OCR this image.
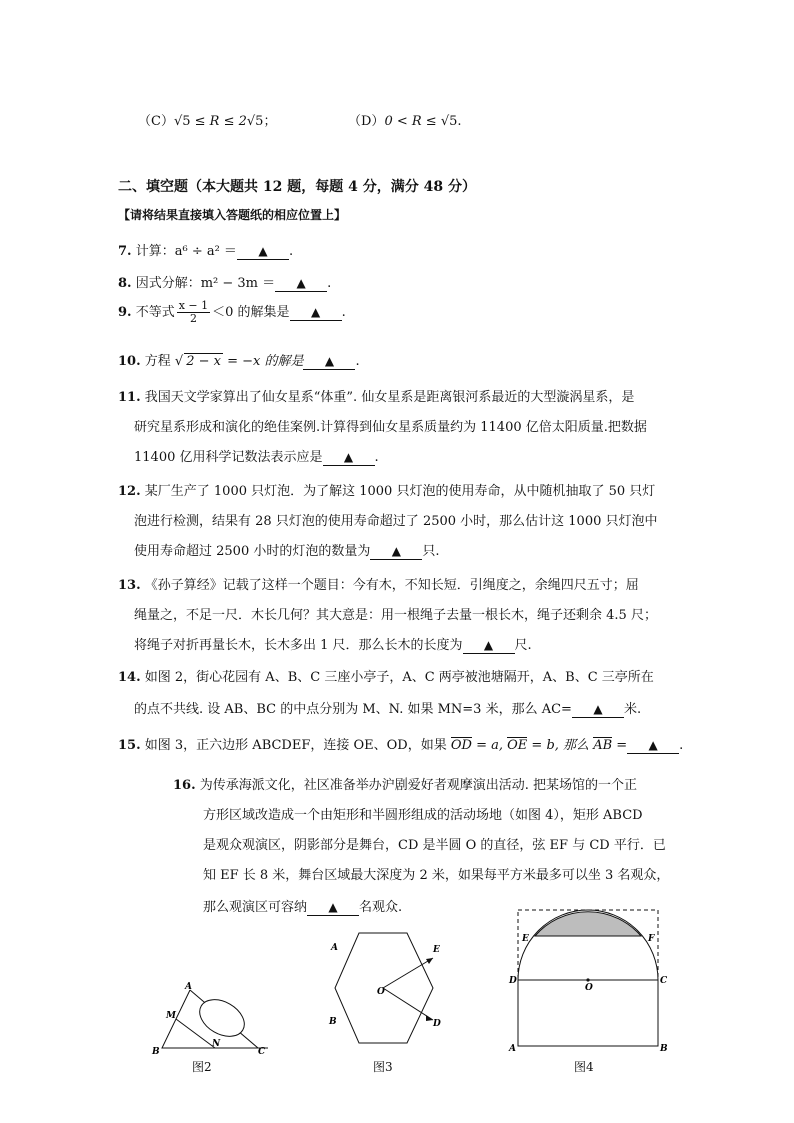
（C）√5 ≤ R ≤ 2√5；	（D）0 < R ≤ √5.
二、填空题（本大题共 12 题，每题 4 分，满分 48 分）
【请将结果直接填入答题纸的相应位置上】
7. 计算：a⁶ ÷ a² ＝ ▲ .
8. 因式分解：m² − 3m ＝ ▲ .
9. 不等式 $\frac{x - 1}{2} <0$ 的解集是 ▲ .
10. 方程 √ 2 − x = −x 的解是 ▲ .
11. 我国天文学家算出了仙女星系“体重”. 仙女星系是距离银河系最近的大型漩涡星系，是
研究星系形成和演化的绝佳案例.计算得到仙女星系质量约为 11400 亿倍太阳质量.把数据
11400 亿用科学记数法表示应是 ▲ .
12. 某厂生产了 1000 只灯泡．为了解这 1000 只灯泡的使用寿命，从中随机抽取了 50 只灯
泡进行检测，结果有 28 只灯泡的使用寿命超过了 2500 小时，那么估计这 1000 只灯泡中
使用寿命超过 2500 小时的灯泡的数量为 ▲ 只.
13. 《孙子算经》记载了这样一个题目：今有木，不知长短．引绳度之，余绳四尺五寸；屈
绳量之，不足一尺．木长几何？其大意是：用一根绳子去量一根长木，绳子还剩余 4.5 尺；
将绳子对折再量长木，长木多出 1 尺．那么长木的长度为 ▲ 尺.
14. 如图 2，街心花园有 A、B、C 三座小亭子，A、C 两亭被池塘隔开，A、B、C 三亭所在
的点不共线. 设 AB、BC 的中点分别为 M、N. 如果 MN=3 米，那么 AC= ▲ 米.
15. 如图 3，正六边形 ABCDEF，连接 OE、OD，如果 OD = a, OE = b, 那么 AB = ▲ .
16. 为传承海派文化，社区准备举办沪剧爱好者观摩演出活动. 把某场馆的一个正
方形区域改造成一个由矩形和半圆形组成的活动场地（如图 4），矩形 ABCD
是观众观演区，阴影部分是舞台，CD 是半圆 O 的直径，弦 EF 与 CD 平行．已
知 EF 长 8 米，舞台区域最大深度为 2 米，如果每平方米最多可以坐 3 名观众，
那么观演区可容纳 ▲ 名观众.
A
M
B
N
C
图2
A	E
O
B	D
图3
E	F
D
O
C
A	B
图4
